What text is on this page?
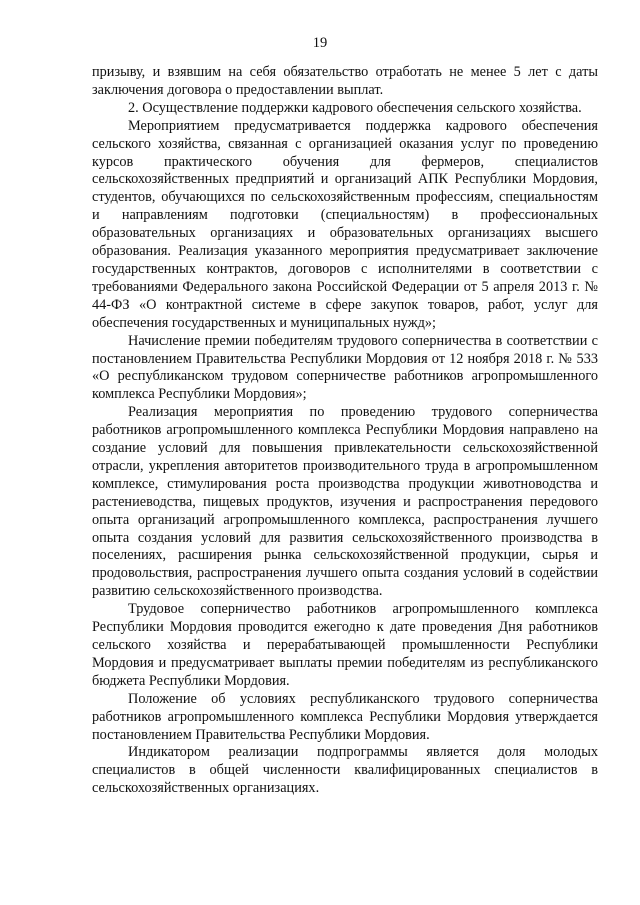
19

призыву, и взявшим на себя обязательство отработать не менее 5 лет с даты заключения договора о предоставлении выплат.

2. Осуществление поддержки кадрового обеспечения сельского хозяйства.

Мероприятием предусматривается поддержка кадрового обеспечения сельского хозяйства, связанная с организацией оказания услуг по проведению курсов практического обучения для фермеров, специалистов сельскохозяйственных предприятий и организаций АПК Республики Мордовия, студентов, обучающихся по сельскохозяйственным профессиям, специальностям и направлениям подготовки (специальностям) в профессиональных образовательных организациях и образовательных организациях высшего образования. Реализация указанного мероприятия предусматривает заключение государственных контрактов, договоров с исполнителями в соответствии с требованиями Федерального закона Российской Федерации от 5 апреля 2013 г. № 44-ФЗ «О контрактной системе в сфере закупок товаров, работ, услуг для обеспечения государственных и муниципальных нужд»;

Начисление премии победителям трудового соперничества в соответствии с постановлением Правительства Республики Мордовия от 12 ноября 2018 г. № 533 «О республиканском трудовом соперничестве работников агропромышленного комплекса Республики Мордовия»;

Реализация мероприятия по проведению трудового соперничества работников агропромышленного комплекса Республики Мордовия направлено на создание условий для повышения привлекательности сельскохозяйственной отрасли, укрепления авторитетов производительного труда в агропромышленном комплексе, стимулирования роста производства продукции животноводства и растениеводства, пищевых продуктов, изучения и распространения передового опыта организаций агропромышленного комплекса, распространения лучшего опыта создания условий для развития сельскохозяйственного производства в поселениях, расширения рынка сельскохозяйственной продукции, сырья и продовольствия, распространения лучшего опыта создания условий в содействии развитию сельскохозяйственного производства.

Трудовое соперничество работников агропромышленного комплекса Республики Мордовия проводится ежегодно к дате проведения Дня работников сельского хозяйства и перерабатывающей промышленности Республики Мордовия и предусматривает выплаты премии победителям из республиканского бюджета Республики Мордовия.

Положение об условиях республиканского трудового соперничества работников агропромышленного комплекса Республики Мордовия утверждается постановлением Правительства Республики Мордовия.

Индикатором реализации подпрограммы является доля молодых специалистов в общей численности квалифицированных специалистов в сельскохозяйственных организациях.
